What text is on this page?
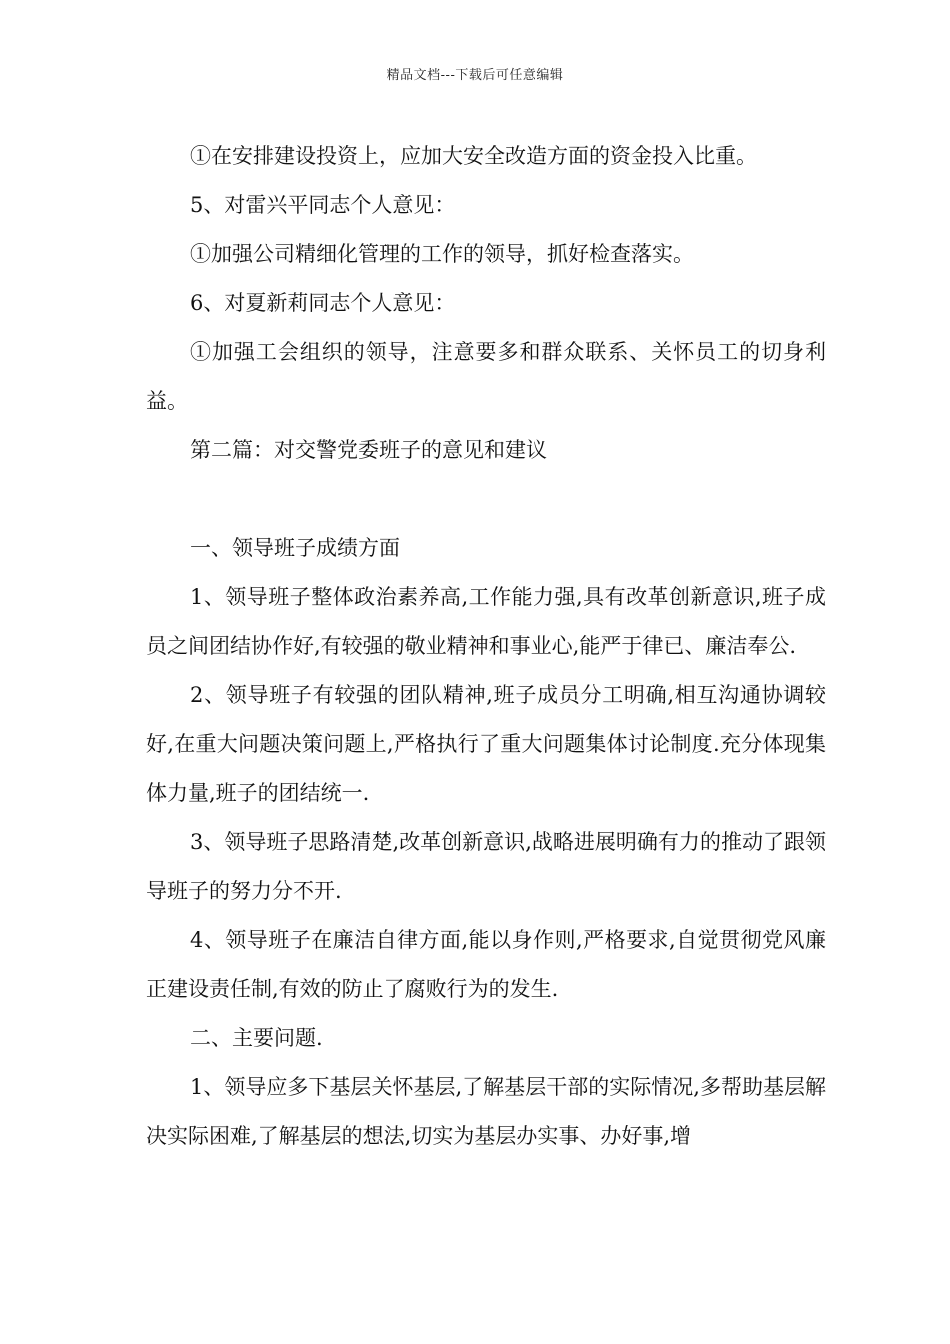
精品文档---下载后可任意编辑

①在安排建设投资上，应加大安全改造方面的资金投入比重。

5、对雷兴平同志个人意见：

①加强公司精细化管理的工作的领导，抓好检查落实。

6、对夏新莉同志个人意见：

①加强工会组织的领导，注意要多和群众联系、关怀员工的切身利益。

第二篇：对交警党委班子的意见和建议

一、领导班子成绩方面

1、领导班子整体政治素养高,工作能力强,具有改革创新意识,班子成员之间团结协作好,有较强的敬业精神和事业心,能严于律已、廉洁奉公.

2、领导班子有较强的团队精神,班子成员分工明确,相互沟通协调较好,在重大问题决策问题上,严格执行了重大问题集体讨论制度.充分体现集体力量,班子的团结统一.

3、领导班子思路清楚,改革创新意识,战略进展明确有力的推动了跟领导班子的努力分不开.

4、领导班子在廉洁自律方面,能以身作则,严格要求,自觉贯彻党风廉正建设责任制,有效的防止了腐败行为的发生.

二、主要问题.

1、领导应多下基层关怀基层,了解基层干部的实际情况,多帮助基层解决实际困难,了解基层的想法,切实为基层办实事、办好事,增
